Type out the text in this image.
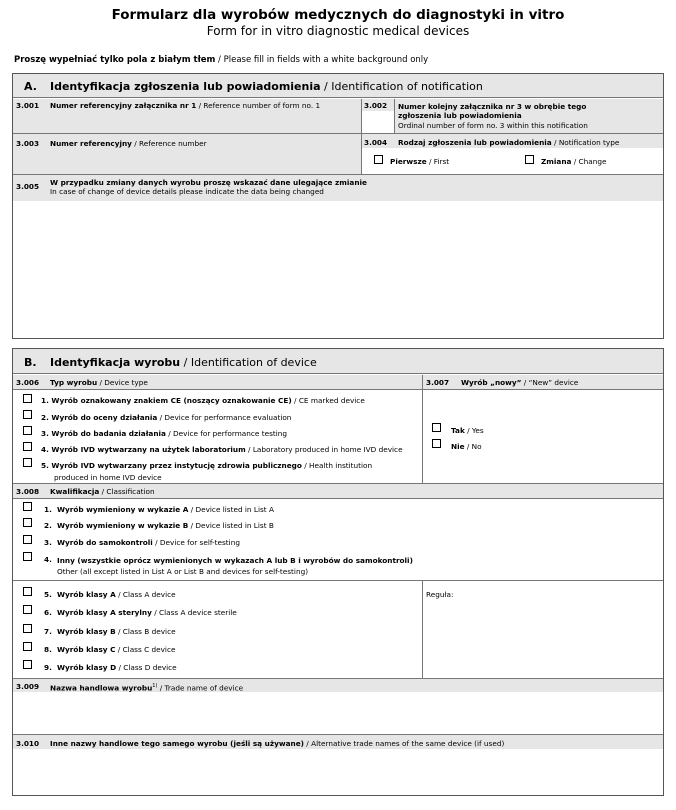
Formularz dla wyrobów medycznych do diagnostyki in vitro
Form for in vitro diagnostic medical devices
Proszę wypełniać tylko pola z białym tłem / Please fill in fields with a white background only
A. Identyfikacja zgłoszenia lub powiadomienia / Identification of notification
3.001 Numer referencyjny załącznika nr 1 / Reference number of form no. 1	3.002 Numer kolejny załącznika nr 3 w obrębie tego
zgłoszenia lub powiadomienia
Ordinal number of form no. 3 within this notification
3.003 Numer referencyjny / Reference number	3.004 Rodzaj zgłoszenia lub powiadomienia / Notification type
Pierwsze / First	Zmiana / Change
3.005 W przypadku zmiany danych wyrobu proszę wskazać dane ulegające zmianie
In case of change of device details please indicate the data being changed
B. Identyfikacja wyrobu / Identification of device
3.006 Typ wyrobu / Device type	3.007 Wyrób „nowy” / “New” device
1. Wyrób oznakowany znakiem CE (noszący oznakowanie CE) / CE marked device
2. Wyrób do oceny działania / Device for performance evaluation
3. Wyrób do badania działania / Device for performance testing
4. Wyrób IVD wytwarzany na użytek laboratorium / Laboratory produced in home IVD device
5. Wyrób IVD wytwarzany przez instytucję zdrowia publicznego / Health institution
produced in home IVD device
Tak / Yes
Nie / No
3.008 Kwalifikacja / Classification
1. Wyrób wymieniony w wykazie A / Device listed in List A
2. Wyrób wymieniony w wykazie B / Device listed in List B
3. Wyrób do samokontroli / Device for self-testing
4. Inny (wszystkie oprócz wymienionych w wykazach A lub B i wyrobów do samokontroli)
Other (all except listed in List A or List B and devices for self-testing)
5. Wyrób klasy A / Class A device
6. Wyrób klasy A sterylny / Class A device sterile
7. Wyrób klasy B / Class B device
8. Wyrób klasy C / Class C device
9. Wyrób klasy D / Class D device
Reguła:
3.009 Nazwa handlowa wyrobu$^{1)}$ / Trade name of device
3.010 Inne nazwy handlowe tego samego wyrobu (jeśli są używane) / Alternative trade names of the same device (if used)
